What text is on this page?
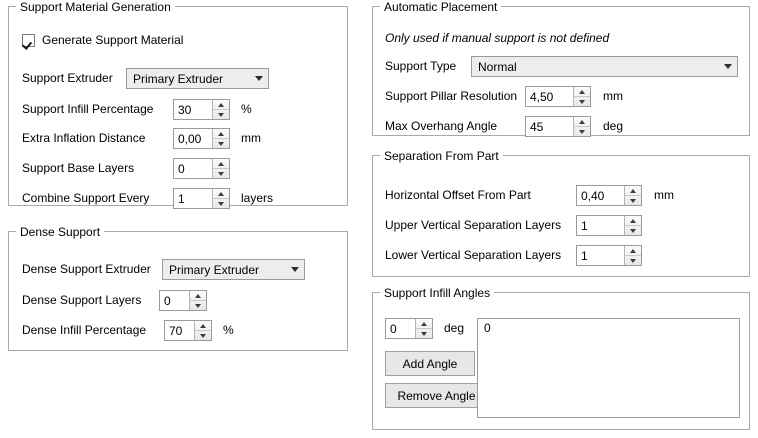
Support Material Generation
Generate Support Material
Support Extruder	Primary Extruder
Support Infill Percentage	30	%
Extra Inflation Distance	0,00	mm
Support Base Layers	0
Combine Support Every	1	layers
Dense Support
Dense Support Extruder	Primary Extruder
Dense Support Layers	0
Dense Infill Percentage	70	%
Automatic Placement
Only used if manual support is not defined
Support Type	Normal
Support Pillar Resolution	4,50	mm
Max Overhang Angle	45	deg
Separation From Part
Horizontal Offset From Part	0,40	mm
Upper Vertical Separation Layers	1
Lower Vertical Separation Layers	1
Support Infill Angles
0	deg
Add Angle
Remove Angle
0
